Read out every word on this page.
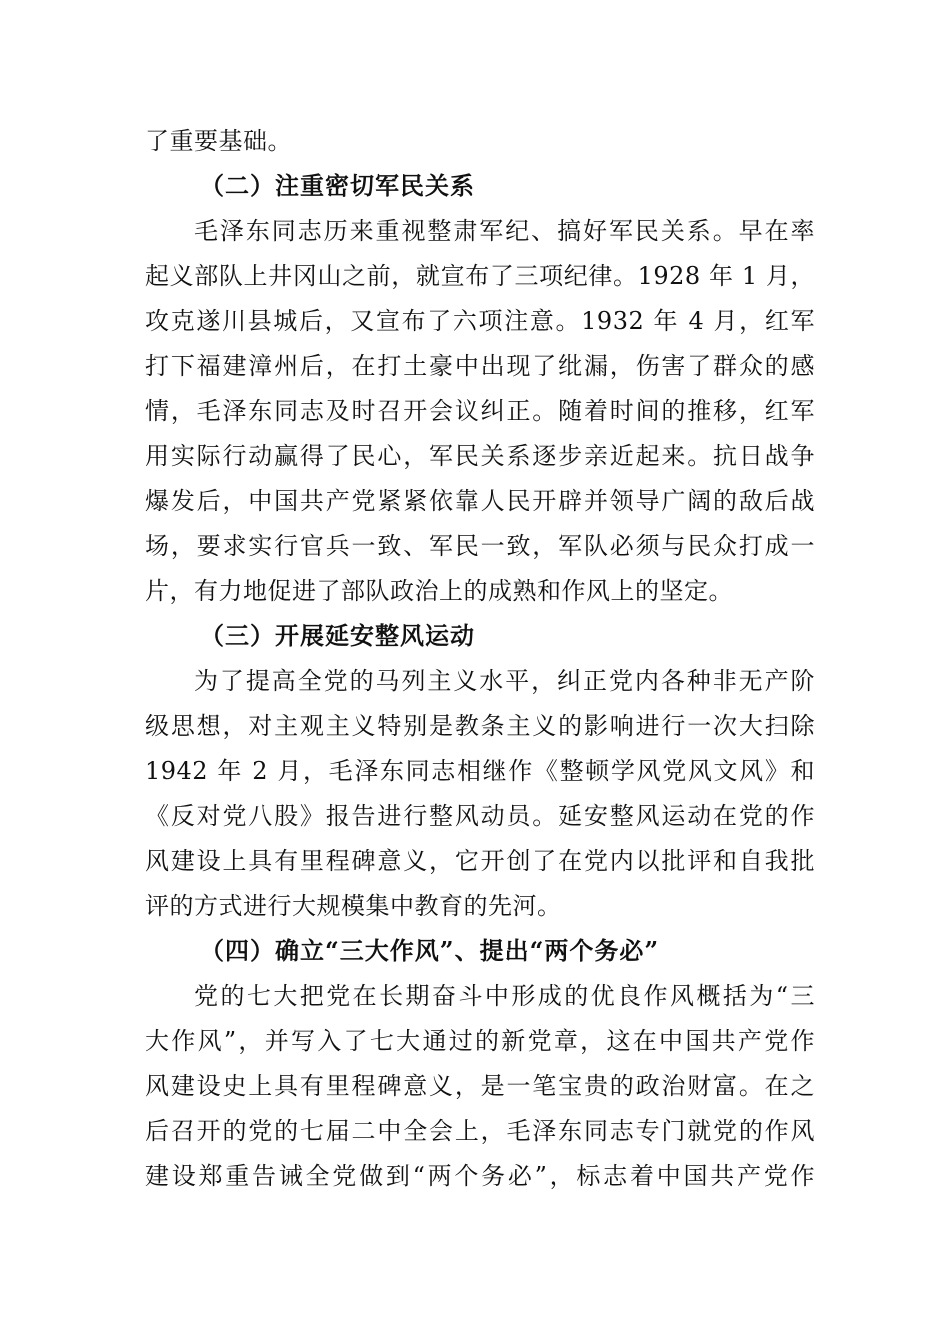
了重要基础。
（二）注重密切军民关系
毛泽东同志历来重视整肃军纪、搞好军民关系。早在率
起义部队上井冈山之前，就宣布了三项纪律。1928 年 1 月，
攻克遂川县城后，又宣布了六项注意。1932 年 4 月，红军
打下福建漳州后，在打土豪中出现了纰漏，伤害了群众的感
情，毛泽东同志及时召开会议纠正。随着时间的推移，红军
用实际行动赢得了民心，军民关系逐步亲近起来。抗日战争
爆发后，中国共产党紧紧依靠人民开辟并领导广阔的敌后战
场，要求实行官兵一致、军民一致，军队必须与民众打成一
片，有力地促进了部队政治上的成熟和作风上的坚定。
（三）开展延安整风运动
为了提高全党的马列主义水平，纠正党内各种非无产阶
级思想，对主观主义特别是教条主义的影响进行一次大扫除
1942 年 2 月，毛泽东同志相继作《整顿学风党风文风》和
《反对党八股》报告进行整风动员。延安整风运动在党的作
风建设上具有里程碑意义，它开创了在党内以批评和自我批
评的方式进行大规模集中教育的先河。
（四）确立“三大作风”、提出“两个务必”
党的七大把党在长期奋斗中形成的优良作风概括为“三
大作风”，并写入了七大通过的新党章，这在中国共产党作
风建设史上具有里程碑意义，是一笔宝贵的政治财富。在之
后召开的党的七届二中全会上，毛泽东同志专门就党的作风
建设郑重告诫全党做到“两个务必”，标志着中国共产党作
